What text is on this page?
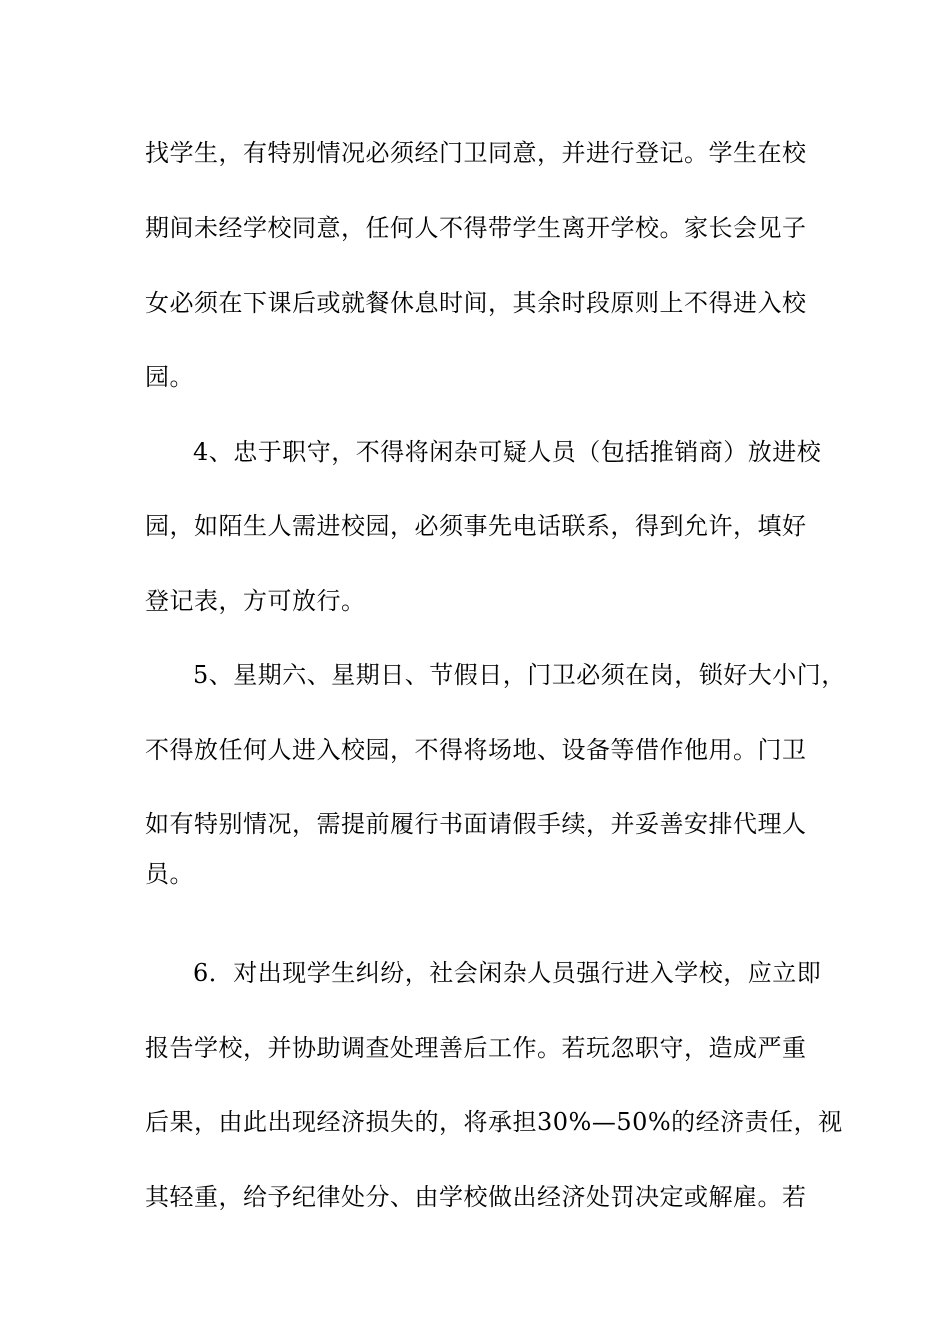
找学生，有特别情况必须经门卫同意，并进行登记。学生在校
期间未经学校同意，任何人不得带学生离开学校。家长会见子
女必须在下课后或就餐休息时间，其余时段原则上不得进入校
园。
4、忠于职守，不得将闲杂可疑人员（包括推销商）放进校
园，如陌生人需进校园，必须事先电话联系，得到允许，填好
登记表，方可放行。
5、星期六、星期日、节假日，门卫必须在岗，锁好大小门，
不得放任何人进入校园，不得将场地、设备等借作他用。门卫
如有特别情况，需提前履行书面请假手续，并妥善安排代理人
员。
6．对出现学生纠纷，社会闲杂人员强行进入学校，应立即
报告学校，并协助调查处理善后工作。若玩忽职守，造成严重
后果，由此出现经济损失的，将承担30%—50%的经济责任，视
其轻重，给予纪律处分、由学校做出经济处罚决定或解雇。若
